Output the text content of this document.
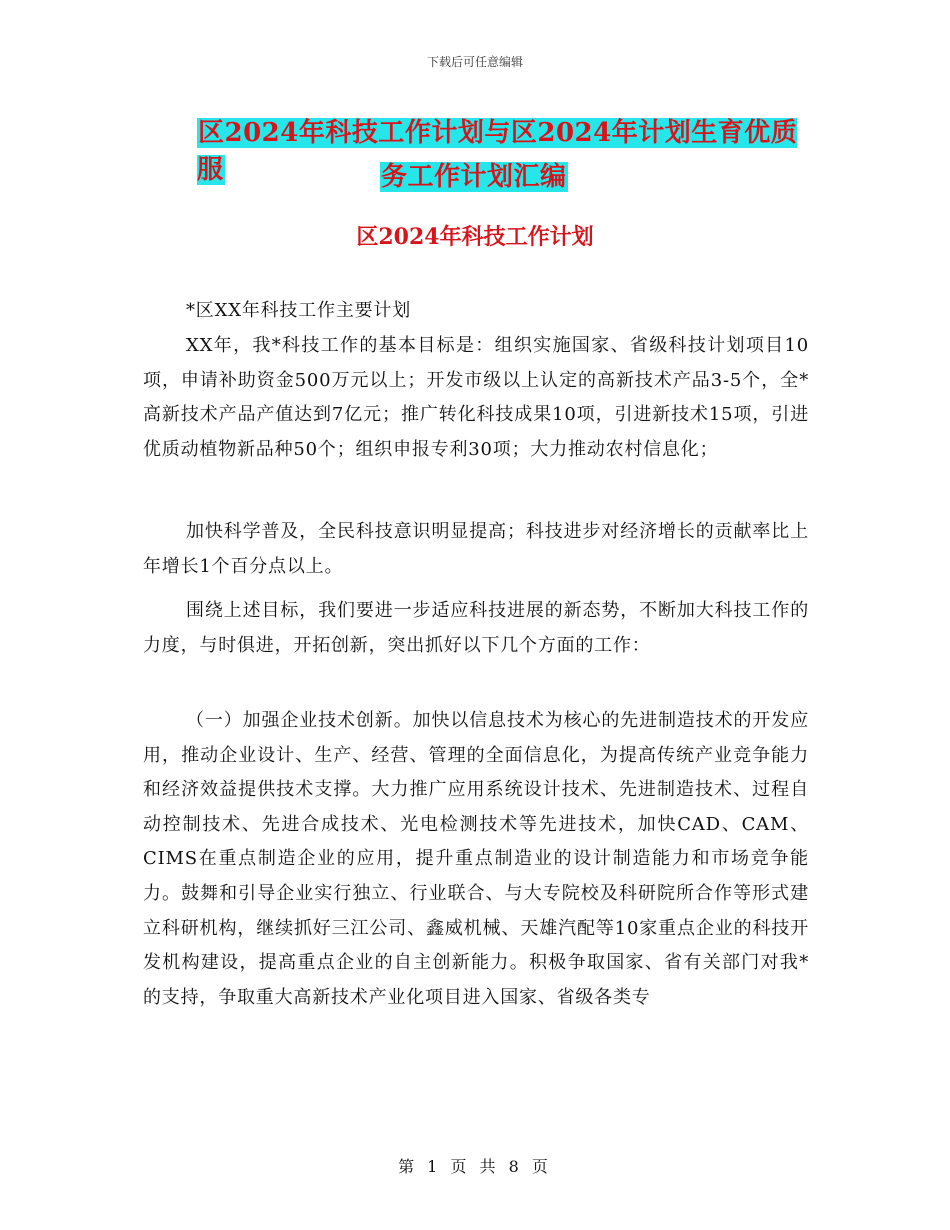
下载后可任意编辑
区2024年科技工作计划与区2024年计划生育优质服	务工作计划汇编
区2024年科技工作计划
*区XX年科技工作主要计划
XX年，我*科技工作的基本目标是：组织实施国家、省级科技计划项目10项，申请补助资金500万元以上；开发市级以上认定的高新技术产品3-5个，全*高新技术产品产值达到7亿元；推广转化科技成果10项，引进新技术15项，引进优质动植物新品种50个；组织申报专利30项；大力推动农村信息化；
加快科学普及，全民科技意识明显提高；科技进步对经济增长的贡献率比上年增长1个百分点以上。
围绕上述目标，我们要进一步适应科技进展的新态势，不断加大科技工作的力度，与时俱进，开拓创新，突出抓好以下几个方面的工作：
（一）加强企业技术创新。加快以信息技术为核心的先进制造技术的开发应用，推动企业设计、生产、经营、管理的全面信息化，为提高传统产业竞争能力和经济效益提供技术支撑。大力推广应用系统设计技术、先进制造技术、过程自动控制技术、先进合成技术、光电检测技术等先进技术，加快CAD、CAM、CIMS在重点制造企业的应用，提升重点制造业的设计制造能力和市场竞争能力。鼓舞和引导企业实行独立、行业联合、与大专院校及科研院所合作等形式建立科研机构，继续抓好三江公司、鑫威机械、天雄汽配等10家重点企业的科技开发机构建设，提高重点企业的自主创新能力。积极争取国家、省有关部门对我*的支持，争取重大高新技术产业化项目进入国家、省级各类专
第 1 页 共 8 页
